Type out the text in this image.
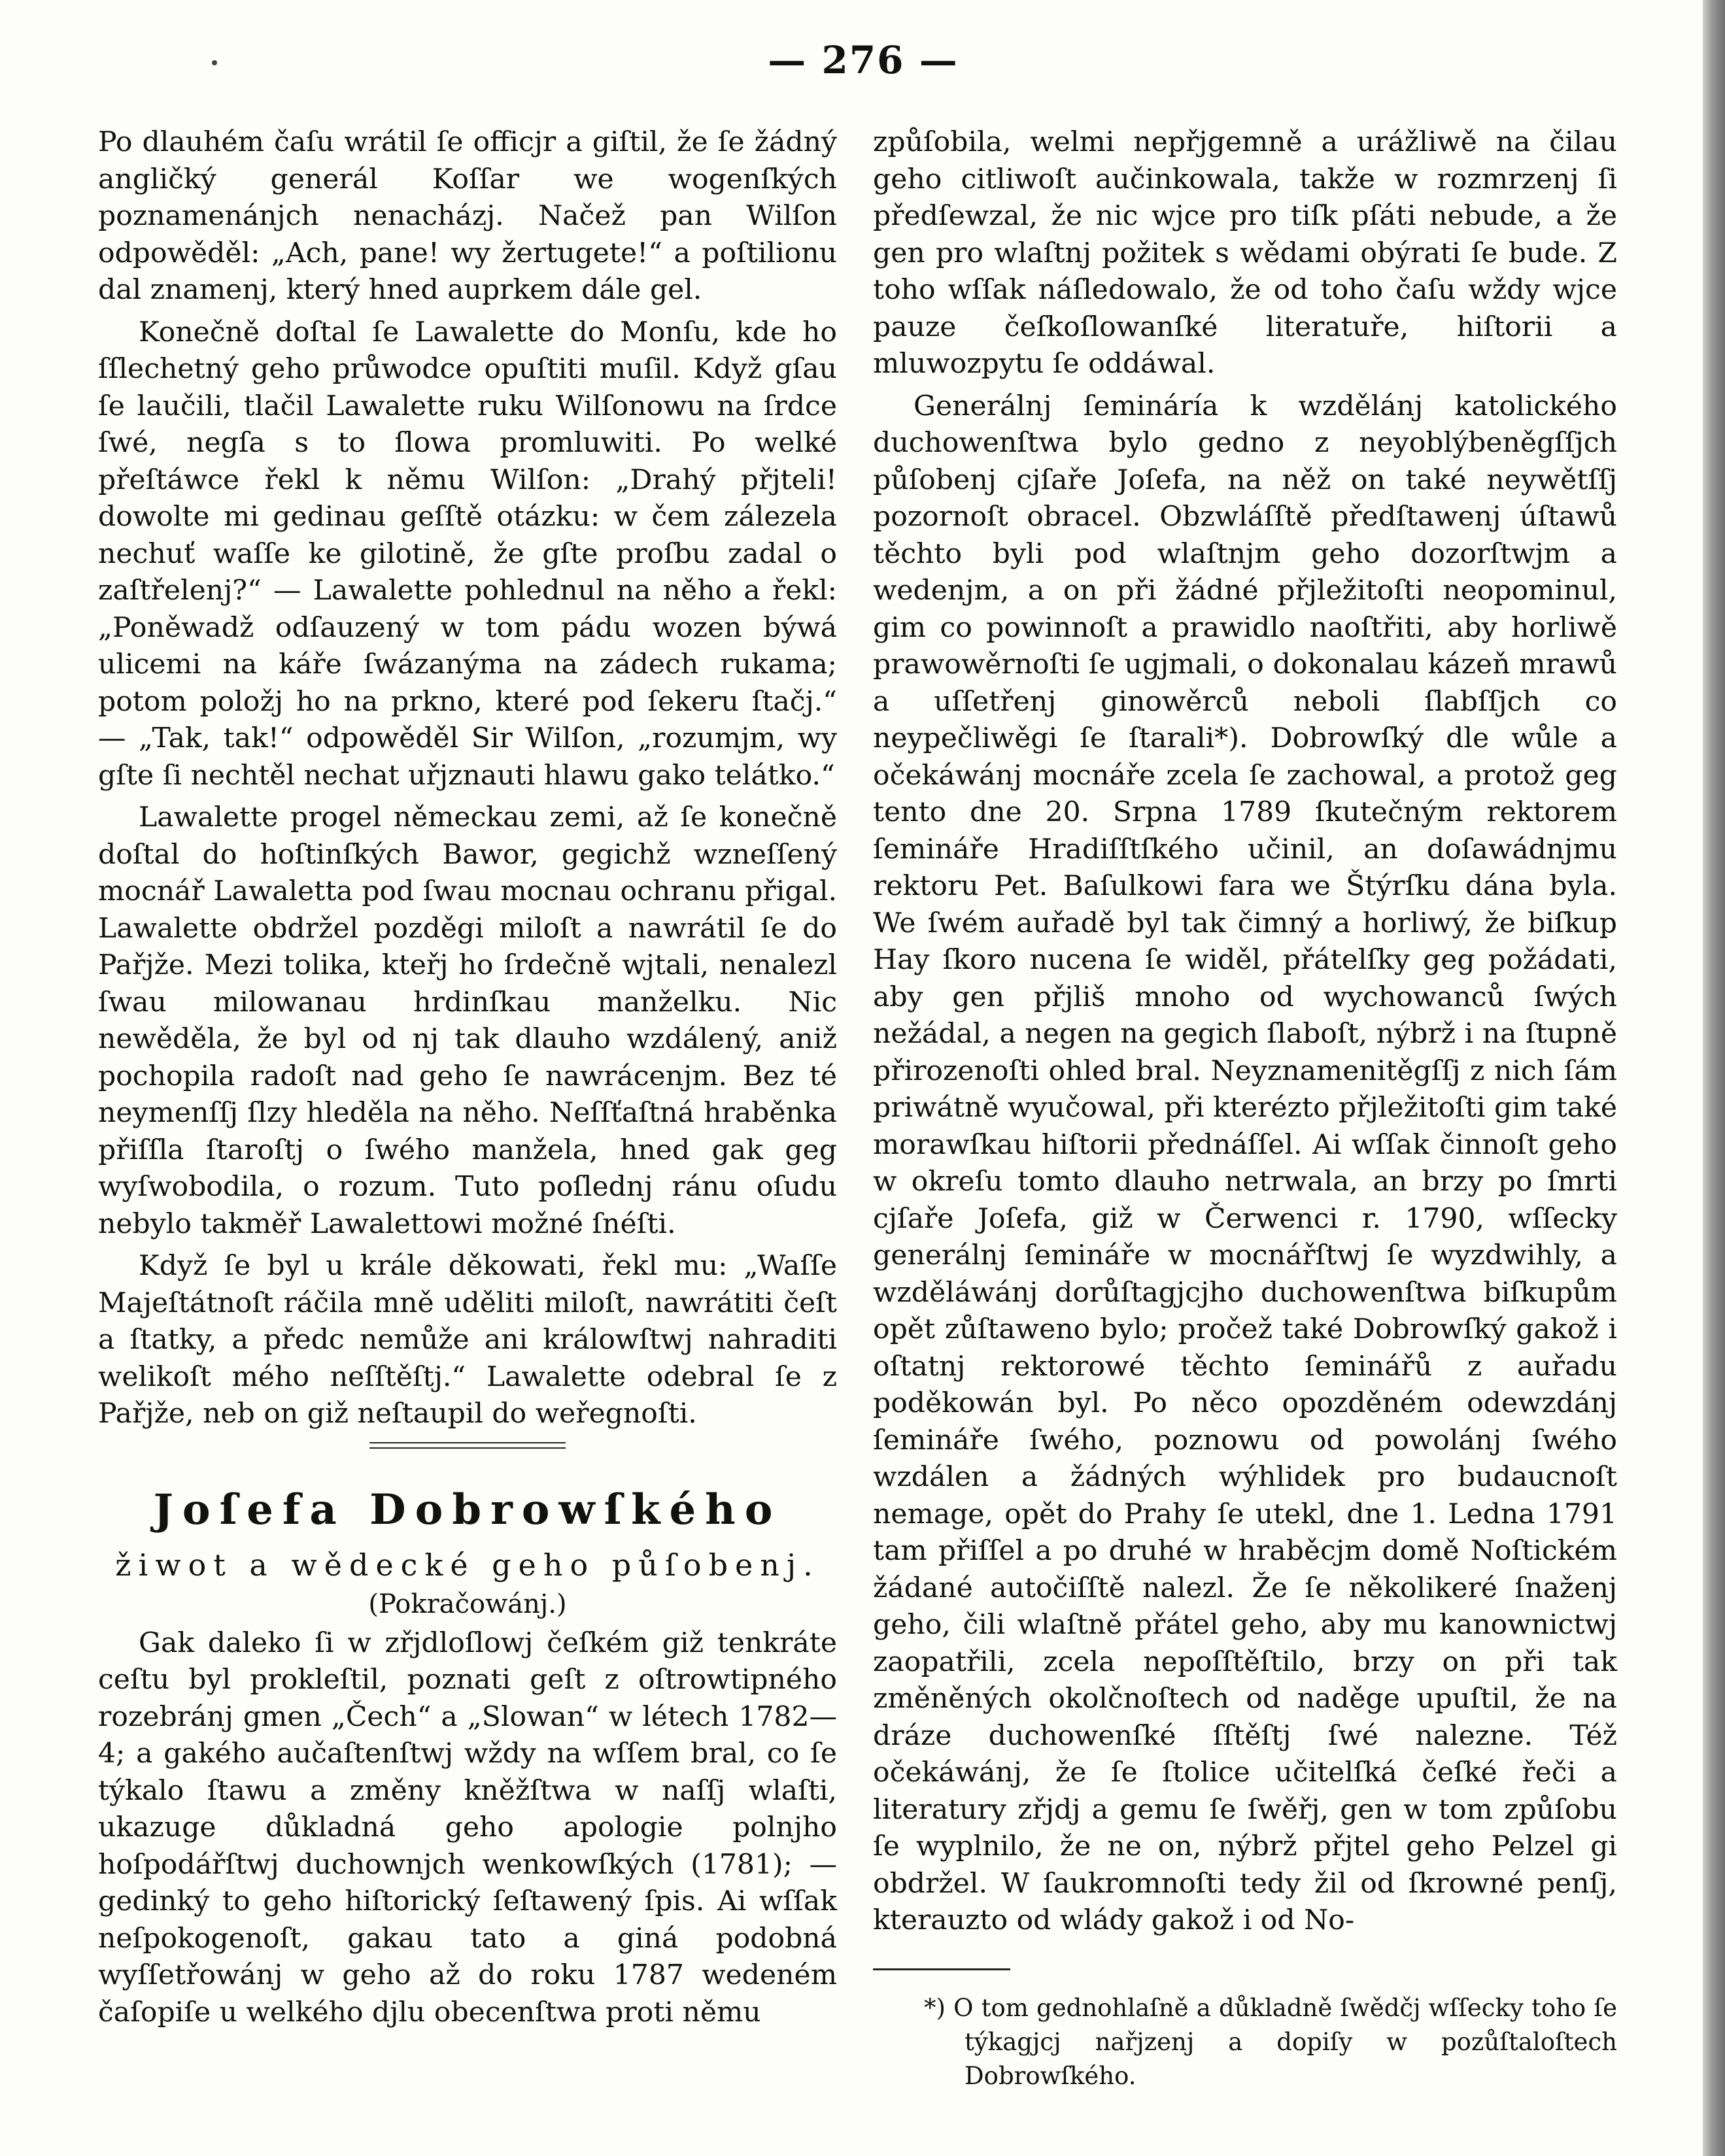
— 276 —

Po dlauhém čaſu wrátil ſe officjr a giſtil, že ſe žádný angličký generál Koſſar we wogenſkých poznamenánjch nenacházj. Načež pan Wilſon odpowěděl: „Ach, pane! wy žertugete!“ a poſtilionu dal znamenj, který hned auprkem dále gel.

Konečně doſtal ſe Lawalette do Monſu, kde ho ſſlechetný geho průwodce opuſtiti muſil. Když gſau ſe laučili, tlačil Lawalette ruku Wilſonowu na ſrdce ſwé, negſa s to ſlowa promluwiti. Po welké přeſtáwce řekl k němu Wilſon: „Drahý přjteli! dowolte mi gedinau geſſtě otázku: w čem zálezela nechuť waſſe ke gilotině, že gſte proſbu zadal o zaſtřelenj?“ — Lawalette pohlednul na něho a řekl: „Poněwadž odſauzený w tom pádu wozen býwá ulicemi na káře ſwázanýma na zádech rukama; potom položj ho na prkno, které pod ſekeru ſtačj.“ — „Tak, tak!“ odpowěděl Sir Wilſon, „rozumjm, wy gſte ſi nechtěl nechat uřjznauti hlawu gako telátko.“

Lawalette progel německau zemi, až ſe konečně doſtal do hoſtinſkých Bawor, gegichž wzneſſený mocnář Lawaletta pod ſwau mocnau ochranu přigal. Lawalette obdržel pozděgi miloſt a nawrátil ſe do Pařjže. Mezi tolika, kteřj ho ſrdečně wjtali, nenalezl ſwau milowanau hrdinſkau manželku. Nic newěděla, že byl od nj tak dlauho wzdálený, aniž pochopila radoſt nad geho ſe nawrácenjm. Bez té neymenſſj ſlzy hleděla na něho. Neſſťaſtná hraběnka přiſſla ſtaroſtj o ſwého manžela, hned gak geg wyſwobodila, o rozum. Tuto poſlednj ránu oſudu nebylo takměř Lawalettowi možné ſnéſti.

Když ſe byl u krále děkowati, řekl mu: „Waſſe Majeſtátnoſt ráčila mně uděliti miloſt, nawrátiti čeſt a ſtatky, a předc nemůže ani králowſtwj nahraditi welikoſt mého neſſtěſtj.“ Lawalette odebral ſe z Pařjže, neb on giž neſtaupil do weřegnoſti.

Joſefa Dobrowſkého
žiwot a wědecké geho půſobenj.
(Pokračowánj.)

Gak daleko ſi w zřjdloſlowj čeſkém giž tenkráte ceſtu byl prokleſtil, poznati geſt z oſtrowtipného rozebránj gmen „Čech“ a „Slowan“ w létech 1782—4; a gakého aučaſtenſtwj wždy na wſſem bral, co ſe týkalo ſtawu a změny kněžſtwa w naſſj wlaſti, ukazuge důkladná geho apologie polnjho hoſpodářſtwj duchownjch wenkowſkých (1781); — gedinký to geho hiſtorický ſeſtawený ſpis. Ai wſſak neſpokogenoſt, gakau tato a giná podobná wyſſetřowánj w geho až do roku 1787 wedeném čaſopiſe u welkého djlu obecenſtwa proti němu

způſobila, welmi nepřjgemně a urážliwě na čilau geho citliwoſt aučinkowala, takže w rozmrzenj ſi předſewzal, že nic wjce pro tiſk pſáti nebude, a že gen pro wlaſtnj požitek s wědami obýrati ſe bude. Z toho wſſak náſledowalo, že od toho čaſu wždy wjce pauze čeſkoſlowanſké literatuře, hiſtorii a mluwozpytu ſe oddáwal.

Generálnj ſemináría k wzdělánj katolického duchowenſtwa bylo gedno z neyoblýbeněgſſjch půſobenj cjſaře Joſefa, na něž on také neywětſſj pozornoſt obracel. Obzwláſſtě předſtawenj úſtawů těchto byli pod wlaſtnjm geho dozorſtwjm a wedenjm, a on při žádné přjležitoſti neopominul, gim co powinnoſt a prawidlo naoſtřiti, aby horliwě prawowěrnoſti ſe ugjmali, o dokonalau kázeň mrawů a uſſetřenj ginowěrců neboli ſlabſſjch co neypečliwěgi ſe ſtarali*). Dobrowſký dle wůle a očekáwánj mocnáře zcela ſe zachowal, a protož geg tento dne 20. Srpna 1789 ſkutečným rektorem ſemináře Hradiſſtſkého učinil, an doſawádnjmu rektoru Pet. Baſulkowi fara we Štýrſku dána byla. We ſwém auřadě byl tak čimný a horliwý, že biſkup Hay ſkoro nucena ſe widěl, přátelſky geg požádati, aby gen přjliš mnoho od wychowanců ſwých nežádal, a negen na gegich ſlaboſt, nýbrž i na ſtupně přirozenoſti ohled bral. Neyznamenitěgſſj z nich ſám priwátně wyučowal, při kterézto přjležitoſti gim také morawſkau hiſtorii přednáſſel. Ai wſſak činnoſt geho w okreſu tomto dlauho netrwala, an brzy po ſmrti cjſaře Joſefa, giž w Čerwenci r. 1790, wſſecky generálnj ſemináře w mocnářſtwj ſe wyzdwihly, a wzděláwánj dorůſtagjcjho duchowenſtwa biſkupům opět zůſtaweno bylo; pročež také Dobrowſký gakož i oſtatnj rektorowé těchto ſeminářů z auřadu poděkowán byl. Po něco opozděném odewzdánj ſemináře ſwého, poznowu od powolánj ſwého wzdálen a žádných wýhlidek pro budaucnoſt nemage, opět do Prahy ſe utekl, dne 1. Ledna 1791 tam přiſſel a po druhé w hraběcjm domě Noſtickém žádané autočiſſtě nalezl. Že ſe několikeré ſnaženj geho, čili wlaſtně přátel geho, aby mu kanownictwj zaopatřili, zcela nepoſſtěſtilo, brzy on při tak změněných okolčnoſtech od naděge upuſtil, že na dráze duchowenſké ſſtěſtj ſwé nalezne. Též očekáwánj, že ſe ſtolice učitelſká čeſké řeči a literatury zřjdj a gemu ſe ſwěřj, gen w tom způſobu ſe wyplnilo, že ne on, nýbrž přjtel geho Pelzel gi obdržel. W ſaukromnoſti tedy žil od ſkrowné penſj, kterauzto od wlády gakož i od No-

*) O tom gednohlaſně a důkladně ſwědčj wſſecky toho ſe týkagjcj nařjzenj a dopiſy w pozůſtaloſtech Dobrowſkého.
